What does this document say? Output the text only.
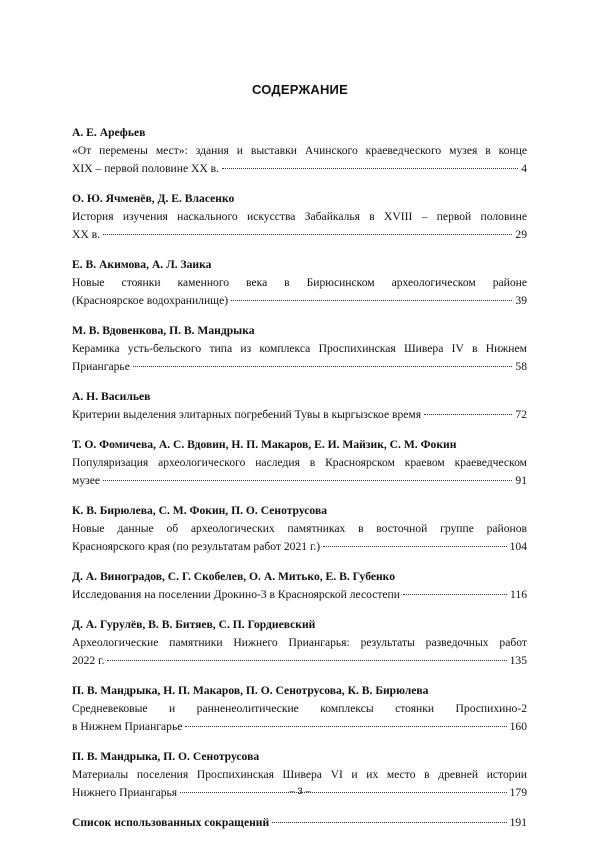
СОДЕРЖАНИЕ
А. Е. Арефьев
«От перемены мест»: здания и выставки Ачинского краеведческого музея в конце
XIX – первой половине XX в.	4
О. Ю. Ячменёв, Д. Е. Власенко
История изучения наскального искусства Забайкалья в XVIII – первой половине
XX в.	29
Е. В. Акимова, А. Л. Заика
Новые стоянки каменного века в Бирюсинском археологическом районе
(Красноярское водохранилище)	39
М. В. Вдовенкова, П. В. Мандрыка
Керамика усть-бельского типа из комплекса Проспихинская Шивера IV в Нижнем
Приангарье	58
А. Н. Васильев
Критерии выделения элитарных погребений Тувы в кыргызское время	72
Т. О. Фомичева, А. С. Вдовин, Н. П. Макаров, Е. И. Майзик, С. М. Фокин
Популяризация археологического наследия в Красноярском краевом краеведческом
музее	91
К. В. Бирюлева, С. М. Фокин, П. О. Сенотрусова
Новые данные об археологических памятниках в восточной группе районов
Красноярского края (по результатам работ 2021 г.)	104
Д. А. Виноградов, С. Г. Скобелев, О. А. Митько, Е. В. Губенко
Исследования на поселении Дрокино-3 в Красноярской лесостепи	116
Д. А. Гурулёв, В. В. Битяев, С. П. Гордиевский
Археологические памятники Нижнего Приангарья: результаты разведочных работ
2022 г.	135
П. В. Мандрыка, Н. П. Макаров, П. О. Сенотрусова, К. В. Бирюлева
Средневековые и ранненеолитические комплексы стоянки Проспихино-2
в Нижнем Приангарье	160
П. В. Мандрыка, П. О. Сенотрусова
Материалы поселения Проспихинская Шивера VI и их место в древней истории
Нижнего Приангарья	179
Список использованных сокращений	191
– 3 –
